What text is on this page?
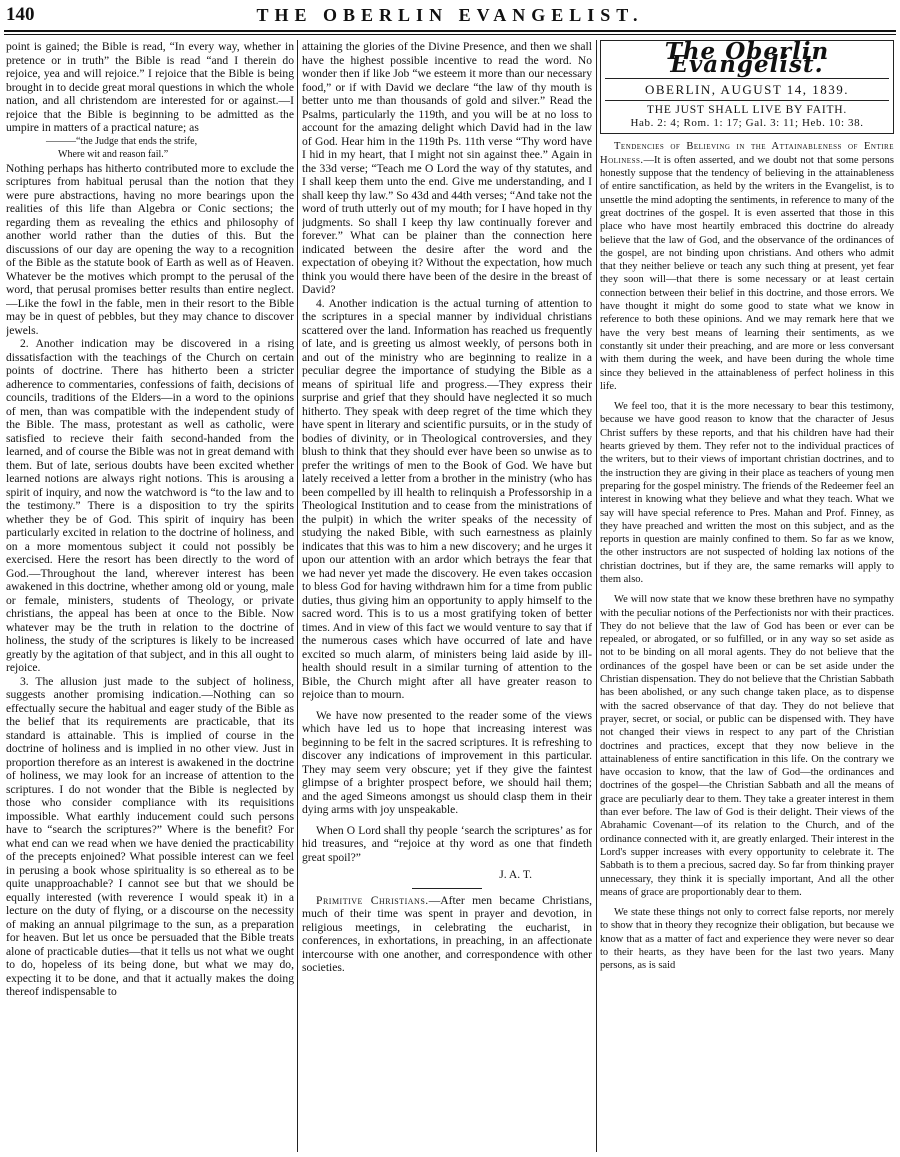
140	THE OBERLIN EVANGELIST.

point is gained; the Bible is read, “In every way, whether in pretence or in truth” the Bible is read “and I therein do rejoice, yea and will rejoice.” I rejoice that the Bible is being brought in to decide great moral questions in which the whole nation, and all christendom are interested for or against.—I rejoice that the Bible is beginning to be admitted as the umpire in matters of a practical nature; as

———“the Judge that ends the strife,

Where wit and reason fail.”

Nothing perhaps has hitherto contributed more to exclude the scriptures from habitual perusal than the notion that they were pure abstractions, having no more bearings upon the realities of this life than Algebra or Conic sections; the regarding them as revealing the ethics and philosophy of another world rather than the duties of this. But the discussions of our day are opening the way to a recognition of the Bible as the statute book of Earth as well as of Heaven. Whatever be the motives which prompt to the perusal of the word, that perusal promises better results than entire neglect.—Like the fowl in the fable, men in their resort to the Bible may be in quest of pebbles, but they may chance to discover jewels.

2. Another indication may be discovered in a rising dissatisfaction with the teachings of the Church on certain points of doctrine. There has hitherto been a stricter adherence to commentaries, confessions of faith, decisions of councils, traditions of the Elders—in a word to the opinions of men, than was compatible with the independent study of the Bible. The mass, protestant as well as catholic, were satisfied to recieve their faith second-handed from the learned, and of course the Bible was not in great demand with them. But of late, serious doubts have been excited whether learned notions are always right notions. This is arousing a spirit of inquiry, and now the watchword is “to the law and to the testimony.” There is a disposition to try the spirits whether they be of God. This spirit of inquiry has been particularly excited in relation to the doctrine of holiness, and on a more momentous subject it could not possibly be exercised. Here the resort has been directly to the word of God.—Throughout the land, wherever interest has been awakened in this doctrine, whether among old or young, male or female, ministers, students of Theology, or private christians, the appeal has been at once to the Bible. Now whatever may be the truth in relation to the doctrine of holiness, the study of the scriptures is likely to be increased greatly by the agitation of that subject, and in this all ought to rejoice.

3. The allusion just made to the subject of holiness, suggests another promising indication.—Nothing can so effectually secure the habitual and eager study of the Bible as the belief that its requirements are practicable, that its standard is attainable. This is implied of course in the doctrine of holiness and is implied in no other view. Just in proportion therefore as an interest is awakened in the doctrine of holiness, we may look for an increase of attention to the scriptures. I do not wonder that the Bible is neglected by those who consider compliance with its requisitions impossible. What earthly inducement could such persons have to “search the scriptures?” Where is the benefit? For what end can we read when we have denied the practicability of the precepts enjoined? What possible interest can we feel in perusing a book whose spirituality is so ethereal as to be quite unapproachable? I cannot see but that we should be equally interested (with reverence I would speak it) in a lecture on the duty of flying, or a discourse on the necessity of making an annual pilgrimage to the sun, as a preparation for heaven. But let us once be persuaded that the Bible treats alone of practicable duties—that it tells us not what we ought to do, hopeless of its being done, but what we may do, expecting it to be done, and that it actually makes the doing thereof indispensable to

attaining the glories of the Divine Presence, and then we shall have the highest possible incentive to read the word. No wonder then if like Job “we esteem it more than our necessary food,” or if with David we declare “the law of thy mouth is better unto me than thousands of gold and silver.” Read the Psalms, particularly the 119th, and you will be at no loss to account for the amazing delight which David had in the law of God. Hear him in the 119th Ps. 11th verse “Thy word have I hid in my heart, that I might not sin against thee.” Again in the 33d verse; “Teach me O Lord the way of thy statutes, and I shall keep them unto the end. Give me understanding, and I shall keep thy law.” So 43d and 44th verses; “And take not the word of truth utterly out of my mouth; for I have hoped in thy judgments. So shall I keep thy law continually forever and forever.” What can be plainer than the connection here indicated between the desire after the word and the expectation of obeying it? Without the expectation, how much think you would there have been of the desire in the breast of David?

4. Another indication is the actual turning of attention to the scriptures in a special manner by individual christians scattered over the land. Information has reached us frequently of late, and is greeting us almost weekly, of persons both in and out of the ministry who are beginning to realize in a peculiar degree the importance of studying the Bible as a means of spiritual life and progress.—They express their surprise and grief that they should have neglected it so much hitherto. They speak with deep regret of the time which they have spent in literary and scientific pursuits, or in the study of bodies of divinity, or in Theological controversies, and they blush to think that they should ever have been so unwise as to prefer the writings of men to the Book of God. We have but lately received a letter from a brother in the ministry (who has been compelled by ill health to relinquish a Professorship in a Theological Institution and to cease from the ministrations of the pulpit) in which the writer speaks of the necessity of studying the naked Bible, with such earnestness as plainly indicates that this was to him a new discovery; and he urges it upon our attention with an ardor which betrays the fear that we had never yet made the discovery. He even takes occasion to bless God for having withdrawn him for a time from public duties, thus giving him an opportunity to apply himself to the sacred word. This is to us a most gratifying token of better times. And in view of this fact we would venture to say that if the numerous cases which have occurred of late and have excited so much alarm, of ministers being laid aside by ill-health should result in a similar turning of attention to the Bible, the Church might after all have greater reason to rejoice than to mourn.

We have now presented to the reader some of the views which have led us to hope that increasing interest was beginning to be felt in the sacred scriptures. It is refreshing to discover any indications of improvement in this particular. They may seem very obscure; yet if they give the faintest glimpse of a brighter prospect before, we should hail them; and the aged Simeons amongst us should clasp them in their dying arms with joy unspeakable.

When O Lord shall thy people ‘search the scriptures’ as for hid treasures, and “rejoice at thy word as one that findeth great spoil?”

J. A. T.

Primitive Christians.—After men became Christians, much of their time was spent in prayer and devotion, in religious meetings, in celebrating the eucharist, in conferences, in exhortations, in preaching, in an affectionate intercourse with one another, and correspondence with other societies.

The Oberlin Evangelist.
OBERLIN, AUGUST 14, 1839.
THE JUST SHALL LIVE BY FAITH.
Hab. 2: 4; Rom. 1: 17; Gal. 3: 11; Heb. 10: 38.

Tendencies of Believing in the Attainableness of Entire Holiness.—It is often asserted, and we doubt not that some persons honestly suppose that the tendency of believing in the attainableness of entire sanctification, as held by the writers in the Evangelist, is to unsettle the mind adopting the sentiments, in reference to many of the great doctrines of the gospel. It is even asserted that those in this place who have most heartily embraced this doctrine do already believe that the law of God, and the observance of the ordinances of the gospel, are not binding upon christians. And others who admit that they neither believe or teach any such thing at present, yet fear they soon will—that there is some necessary or at least certain connection between their belief in this doctrine, and those errors. We have thought it might do some good to state what we know in reference to both these opinions. And we may remark here that we have the very best means of learning their sentiments, as we constantly sit under their preaching, and are more or less conversant with them during the week, and have been during the whole time since they believed in the attainableness of perfect holiness in this life.

We feel too, that it is the more necessary to bear this testimony, because we have good reason to know that the character of Jesus Christ suffers by these reports, and that his children have had their hearts grieved by them. They refer not to the individual practices of the writers, but to their views of important christian doctrines, and to the instruction they are giving in their place as teachers of young men preparing for the gospel ministry. The friends of the Redeemer feel an interest in knowing what they believe and what they teach. What we say will have special reference to Pres. Mahan and Prof. Finney, as they have preached and written the most on this subject, and as the reports in question are mainly confined to them. So far as we know, the other instructors are not suspected of holding lax notions of the christian doctrines, but if they are, the same remarks will apply to them also.

We will now state that we know these brethren have no sympathy with the peculiar notions of the Perfectionists nor with their practices. They do not believe that the law of God has been or ever can be repealed, or abrogated, or so fulfilled, or in any way so set aside as not to be binding on all moral agents. They do not believe that the ordinances of the gospel have been or can be set aside under the Christian dispensation. They do not believe that the Christian Sabbath has been abolished, or any such change taken place, as to dispense with the sacred observance of that day. They do not believe that prayer, secret, or social, or public can be dispensed with. They have not changed their views in respect to any part of the Christian doctrines and practices, except that they now believe in the attainableness of entire sanctification in this life. On the contrary we have occasion to know, that the law of God—the ordinances and doctrines of the gospel—the Christian Sabbath and all the means of grace are peculiarly dear to them. They take a greater interest in them than ever before. The law of God is their delight. Their views of the Abrahamic Covenant—of its relation to the Church, and of the ordinance connected with it, are greatly enlarged. Their interest in the Lord's supper increases with every opportunity to celebrate it. The Sabbath is to them a precious, sacred day. So far from thinking prayer unnecessary, they think it is specially important, And all the other means of grace are proportionably dear to them.

We state these things not only to correct false reports, nor merely to show that in theory they recognize their obligation, but because we know that as a matter of fact and experience they were never so dear to their hearts, as they have been for the last two years. Many persons, as is said
